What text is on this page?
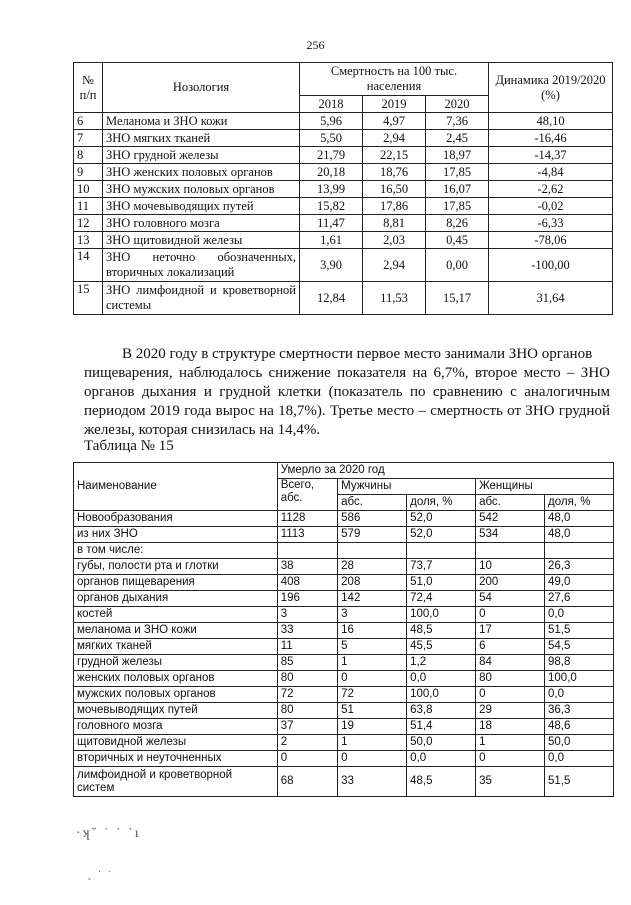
256
№ п/п	Нозология	Смертность на 100 тыс. населения			Динамика 2019/2020 (%)
		2018	2019	2020	
6	Меланома и ЗНО кожи	5,96	4,97	7,36	48,10
7	ЗНО мягких тканей	5,50	2,94	2,45	-16,46
8	ЗНО грудной железы	21,79	22,15	18,97	-14,37
9	ЗНО женских половых органов	20,18	18,76	17,85	-4,84
10	ЗНО мужских половых органов	13,99	16,50	16,07	-2,62
11	ЗНО мочевыводящих путей	15,82	17,86	17,85	-0,02
12	ЗНО головного мозга	11,47	8,81	8,26	-6,33
13	ЗНО щитовидной железы	1,61	2,03	0,45	-78,06
14	ЗНО неточно обозначенных,
вторичных локализаций	3,90	2,94	0,00	-100,00
15	ЗНО лимфоидной и кроветворной
системы	12,84	11,53	15,17	31,64

В 2020 году в структуре смертности первое место занимали ЗНО органов
пищеварения, наблюдалось снижение показателя на 6,7%, второе место – ЗНО органов дыхания и грудной клетки (показатель по сравнению с аналогичным периодом 2019 года вырос на 18,7%). Третье место – смертность от ЗНО грудной железы, которая снизилась на 14,4%.

Таблица № 15

Наименование	Умерло за 2020 год				

	Всего,
абс.	Мужчины		Женщины	
		абс.	доля, %	абс.	доля, %
Новообразования	1128	586	52,0	542	48,0
из них ЗНО	1113	579	52,0	534	48,0
в том числе:					
губы, полости рта и глотки	38	28	73,7	10	26,3
органов пищеварения	408	208	51,0	200	49,0
органов дыхания	196	142	72,4	54	27,6
костей	3	3	100,0	0	0,0
меланома и ЗНО кожи	33	16	48,5	17	51,5
мягких тканей	11	5	45,5	6	54,5
грудной железы	85	1	1,2	84	98,8
женских половых органов	80	0	0,0	80	100,0
мужских половых органов	72	72	100,0	0	0,0
мочевыводящих путей	80	51	63,8	29	36,3
головного мозга	37	19	51,4	18	48,6
щитовидной железы	2	1	50,0	1	50,0
вторичных и неуточненных	0	0	0,0	0	0,0

лимфоидной и кроветворной
систем	68	33	48,5	35	51,5
·ʞ˘ ˙ ˙ ˙ı
˛ ˙ ˙
